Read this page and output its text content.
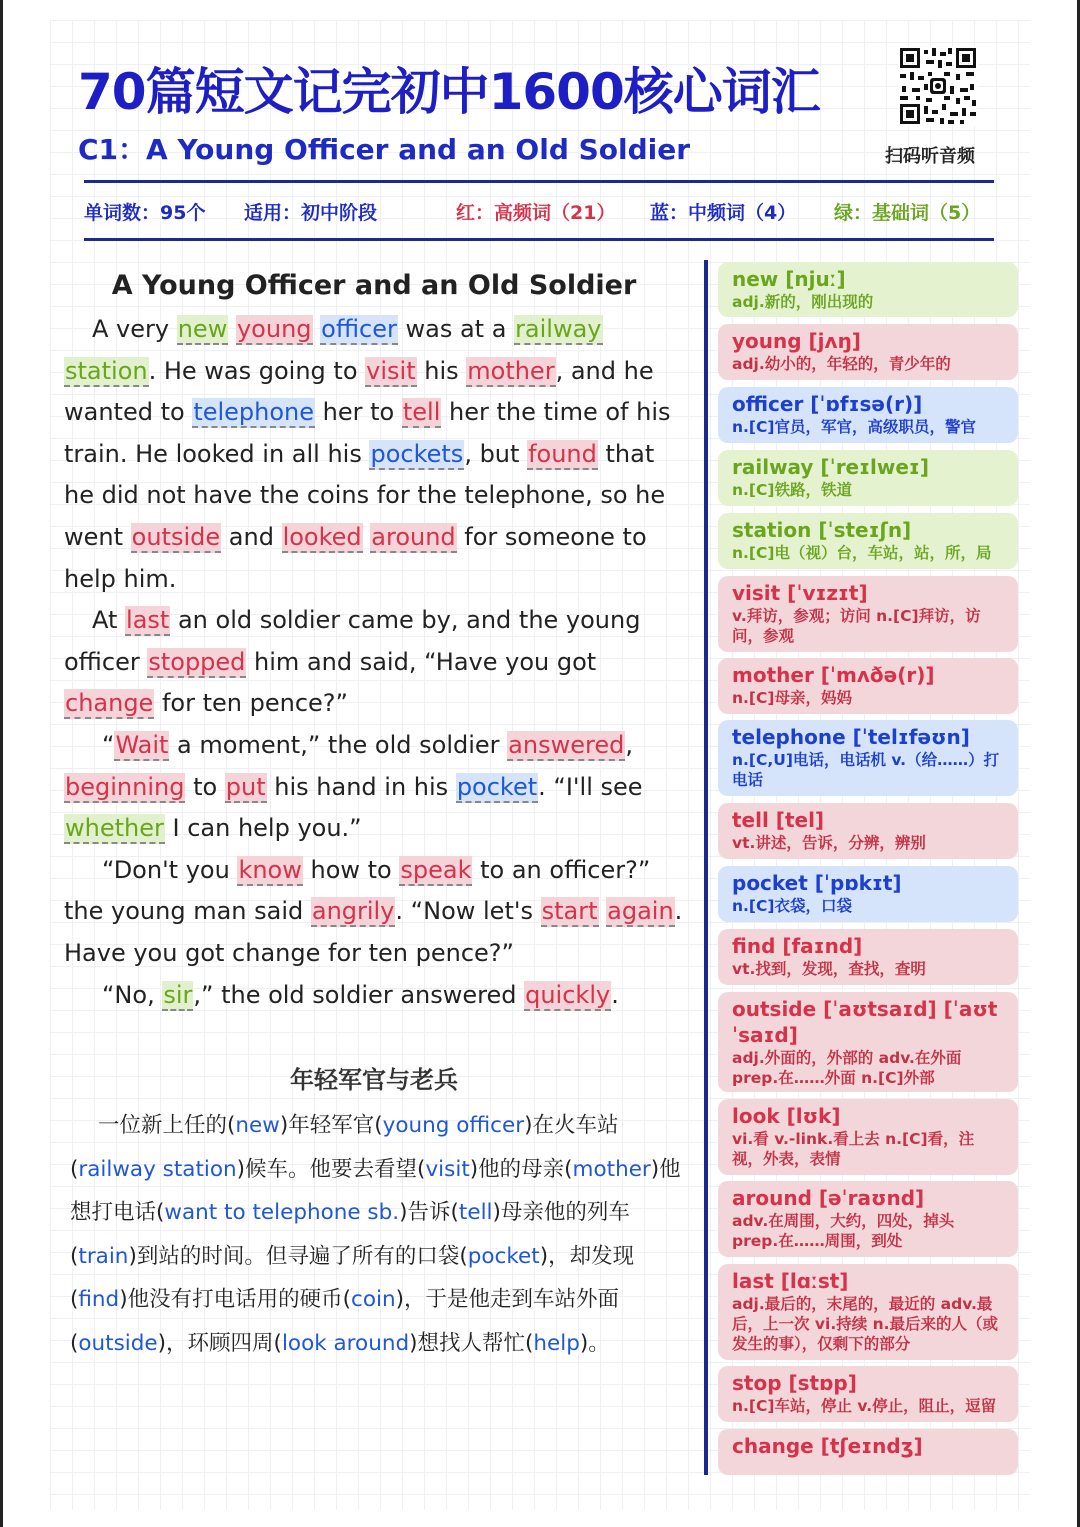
70篇短文记完初中1600核心词汇
C1：A Young Officer and an Old Soldier	扫码听音频
单词数：95个 适用：初中阶段	红：高频词（21） 蓝：中频词（4） 绿：基础词（5）
A Young Officer and an Old Soldier

A very new young officer was at a railway station. He was going to visit his mother, and he wanted to telephone her to tell her the time of his train. He looked in all his pockets, but found that he did not have the coins for the telephone, so he went outside and looked around for someone to help him.

At last an old soldier came by, and the young officer stopped him and said, “Have you got change for ten pence?”

“Wait a moment,” the old soldier answered, beginning to put his hand in his pocket. “I'll see whether I can help you.”

“Don't you know how to speak to an officer?” the young man said angrily. “Now let's start again. Have you got change for ten pence?”

“No, sir,” the old soldier answered quickly.

年轻军官与老兵
一位新上任的(new)年轻军官(young officer)在火车站(railway station)候车。他要去看望(visit)他的母亲(mother)他想打电话(want to telephone sb.)告诉(tell)母亲他的列车(train)到站的时间。但寻遍了所有的口袋(pocket)，却发现(find)他没有打电话用的硬币(coin)，于是他走到车站外面(outside)，环顾四周(look around)想找人帮忙(help)。
new [njuː]
adj.新的，刚出现的
young [jʌŋ]
adj.幼小的，年轻的，青少年的
officer [ˈɒfɪsə(r)]
n.[C]官员，军官，高级职员，警官
railway [ˈreɪlweɪ]
n.[C]铁路，铁道
station [ˈsteɪʃn]
n.[C]电（视）台，车站，站，所，局
visit [ˈvɪzɪt]
v.拜访，参观；访问 n.[C]拜访，访问，参观
mother [ˈmʌðə(r)]
n.[C]母亲，妈妈
telephone [ˈtelɪfəʊn]
n.[C,U]电话，电话机 v.（给……）打电话
tell [tel]
vt.讲述，告诉，分辨，辨别
pocket [ˈpɒkɪt]
n.[C]衣袋，口袋
find [faɪnd]
vt.找到，发现，查找，查明
outside [ˈaʊtsaɪd] [ˈaʊtˈsaɪd]
adj.外面的，外部的 adv.在外面 prep.在……外面 n.[C]外部
look [lʊk]
vi.看 v.-link.看上去 n.[C]看，注视，外表，表情
around [əˈraʊnd]
adv.在周围，大约，四处，掉头 prep.在……周围，到处
last [lɑːst]
adj.最后的，末尾的，最近的 adv.最后，上一次 vi.持续 n.最后来的人（或发生的事），仅剩下的部分
stop [stɒp]
n.[C]车站，停止 v.停止，阻止，逗留
change [tʃeɪndʒ]
